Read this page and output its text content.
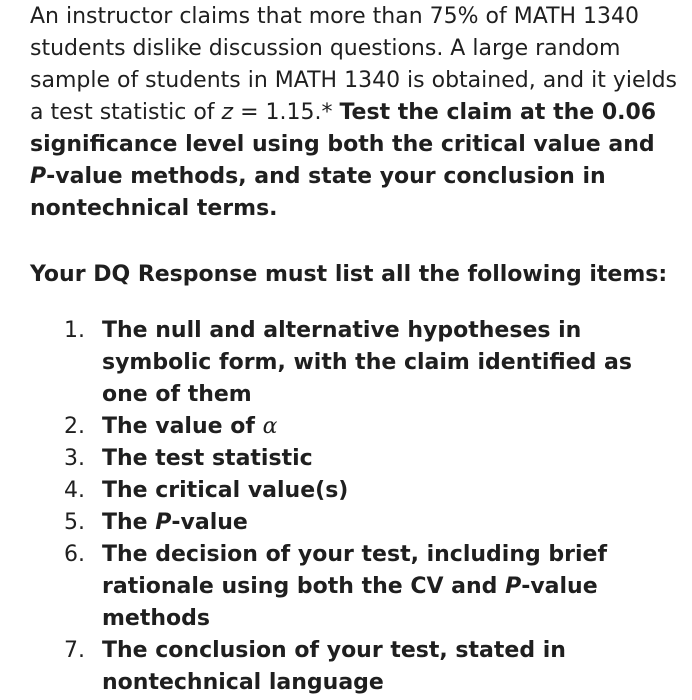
An instructor claims that more than 75% of MATH 1340 students dislike discussion questions. A large random sample of students in MATH 1340 is obtained, and it yields a test statistic of z = 1.15.* Test the claim at the 0.06 significance level using both the critical value and P-value methods, and state your conclusion in nontechnical terms.

Your DQ Response must list all the following items:

1. The null and alternative hypotheses in symbolic form, with the claim identified as one of them
2. The value of α
3. The test statistic
4. The critical value(s)
5. The P-value
6. The decision of your test, including brief rationale using both the CV and P-value methods
7. The conclusion of your test, stated in nontechnical language
